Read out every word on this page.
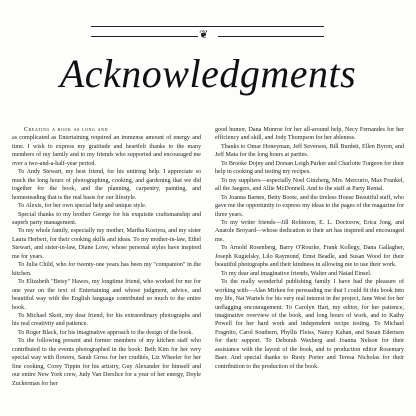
❦
Acknowledgments

Creating a book as long and

as complicated as Entertaining required an immense amount of energy and time. I wish to express my gratitude and heartfelt thanks to the many members of my family and to my friends who supported and encouraged me over a two-and-a-half-year period.

To Andy Stewart, my best friend, for his untiring help. I appreciate so much the long hours of photographing, cooking, and gardening that we did together for the book, and the planning, carpentry, painting, and homesteading that is the real basis for our lifestyle.

To Alexis, for her own special help and unique style.

Special thanks to my brother George for his exquisite craftsmanship and superb party management.

To my whole family, especially my mother, Martha Kostyra, and my sister Laura Herbert, for their cooking skills and ideas. To my mother-in-law, Ethel Stewart, and sister-in-law, Diane Love, whose personal styles have inspired me for years.

To Julia Child, who for twenty-one years has been my "companion" in the kitchen.

To Elizabeth "Betsy" Hawes, my longtime friend, who worked for me for one year on the text of Entertaining and whose judgment, advice, and beautiful way with the English language contributed so much to the entire book.

To Michael Skott, my dear friend, for his extraordinary photographs and his real creativity and patience.

To Roger Black, for his imaginative approach to the design of the book.

To the following present and former members of my kitchen staff who contributed to the events photographed in the book: Beth Kim for her very special way with flowers, Sarah Gross for her crudités, Liz Wheeler for her fine cooking, Corey Tippin for his artistry, Guy Alexander for himself and our entire New York crew, Judy Van Derslice for a year of her energy, Doyle Zuckerman for her

good humor, Dana Munroe for her all-around help, Necy Fernandes for her efficiency and skill, and Jody Thompson for her ableness.

Thanks to Omar Honeyman, Jeff Severson, Bill Burdett, Ellen Byron, and Jeff Mata for the long hours at parties.

To Brooke Dojny and Dorsan Leigh Parker and Charlotte Turgeon for their help in cooking and testing my recipes.

To my suppliers—especially Noel Ginzberg, Mrs. Mercurio, Max Frankel, all the Jaegers, and Allie McDonnell. And to the staff at Party Rental.

To Joanna Barnes, Betty Boote, and the tireless House Beautiful staff, who gave me the opportunity to express my ideas to the pages of the magazine for three years.

To my writer friends—Jill Robinson, E. L. Doctorow, Erica Jong, and Anatole Broyard—whose dedication to their art has inspired and encouraged me.

To Arnold Rosenberg, Barry O'Rourke, Frank Kollegy, Dana Gallagher, Joseph Kugielsky, Lilo Raymond, Ernst Beadle, and Susan Wood for their beautiful photographs and their kindness in allowing me to use their work.

To my dear and imaginative friends, Walter and Naiad Einsel.

To the really wonderful publishing family I have had the pleasure of working with—Alan Mirken for persuading me that I could fit this book into my life, Nat Wartels for his very real interest in the project, Jane West for her unflagging encouragement. To Carolyn Hart, my editor, for her patience, imaginative overview of the book, and long hours of work, and to Kathy Powell for her hard work and independent recipe testing. To Michael Fragnito, Carol Southern, Phyllis Fleiss, Nancy Kahan, and Susan Edertsen for their support. To Deborah Waxberg and Joanna Nelson for their assistance with the layout of the book, and to production editor Rosemary Baer. And special thanks to Rusty Porter and Teresa Nicholas for their contribution to the production of the book.
